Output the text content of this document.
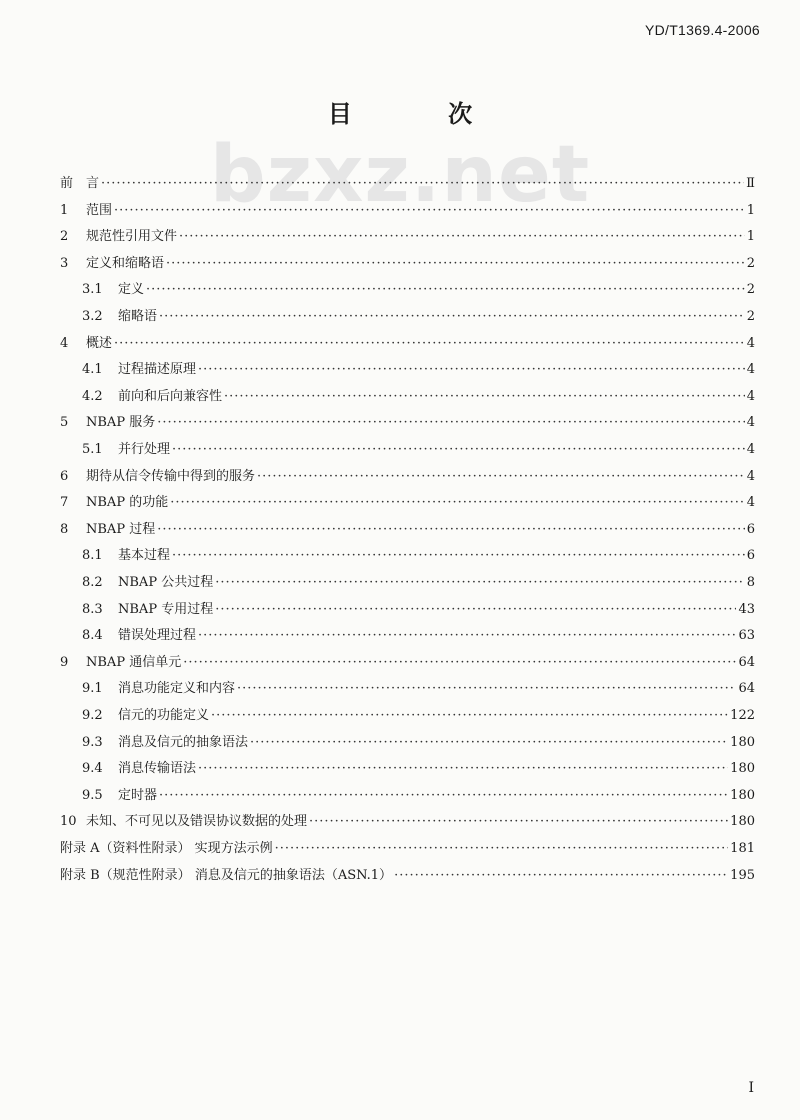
YD/T1369.4-2006
bzxz.net
目 次
前 言 ·····	Ⅱ
1	范围 ·····	1
2	规范性引用文件 ·····	1
3	定义和缩略语 ·····	2
3.1	定义 ·····	2
3.2	缩略语 ·····	2
4	概述 ·····	4
4.1	过程描述原理 ·····	4
4.2	前向和后向兼容性 ·····	4
5	NBAP 服务 ·····	4
5.1	并行处理 ·····	4
6	期待从信令传输中得到的服务 ·····	4
7	NBAP 的功能 ·····	4
8	NBAP 过程 ·····	6
8.1	基本过程 ·····	6
8.2	NBAP 公共过程 ·····	8
8.3	NBAP 专用过程 ·····	43
8.4	错误处理过程 ·····	63
9	NBAP 通信单元 ·····	64
9.1	消息功能定义和内容 ·····	64
9.2	信元的功能定义 ·····	122
9.3	消息及信元的抽象语法 ·····	180
9.4	消息传输语法 ·····	180
9.5	定时器 ·····	180
10 未知、不可见以及错误协议数据的处理 ·····	180
附录 A（资料性附录） 实现方法示例 ·····	181
附录 B（规范性附录） 消息及信元的抽象语法（ASN.1） ·····	195
I
